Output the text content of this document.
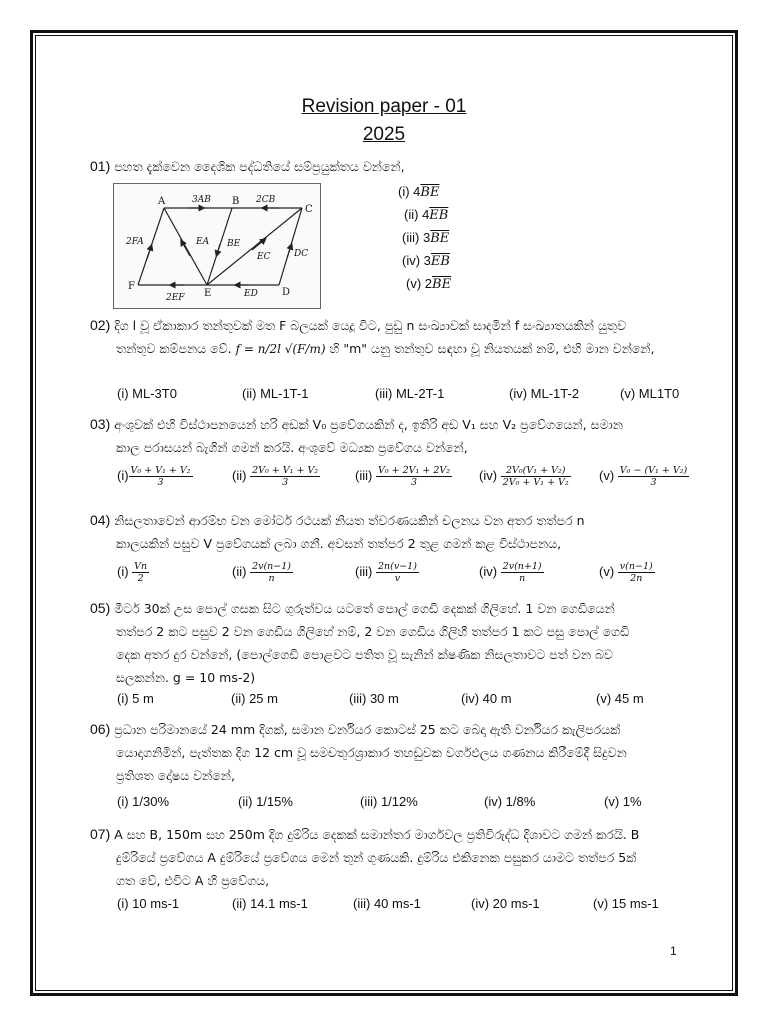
Revision paper - 01
2025
01) පහත දැක්වෙන දෛශික පද්ධතියේ සම්ප්‍රයුක්තය වන්නේ,
A	B
C
D
E
F
3AB	2CB
2FA	EA BE
EC	DC
2EF	ED
(i) $4\overline{BE}$
(ii) $4\overline{EB}$
(iii) $3\overline{BE}$
(iv) $3\overline{EB}$
(v) $2\overline{BE}$
02) දිග l වූ ඒකාකාර තන්තුවක් මත F බලයක් යෙදූ විට, පුඩු n සංඛ්‍යාවක් සාදමින් f සංඛ්‍යාතයකින් යුතුව
තන්තුව කම්පනය වේ. f = n/2l √(F/m) හි "m" යනු තන්තුව සඳහා වූ නියතයක් නම්, එහි මාන වන්නේ,
(i) ML-3T0	(ii) ML-1T-1	(iii) ML-2T-1	(iv) ML-1T-2	(v) ML1T0
03) අංශුවක් එහි විස්ථාපනයෙන් හරි අඩක් V₀ ප්‍රවේගයකින් ද, ඉතිරි අඩ V₁ සහ V₂ ප්‍රවේගයෙන්, සමාන
කාල පරාසයන් බැගින් ගමන් කරයි. අංශුවේ මධ්‍යක ප්‍රවේගය වන්නේ,
$(i) \frac{\text{V₀ + V₁ + V₂}}{3}$	$(ii) \frac{\text{2V₀ + V₁ + V₂}}{3}$	$(iii) \frac{\text{V₀ + 2V₁ + 2V₂}}{3} (iv) \frac{\text{2V₀(V₁ + V₂)}}{\text{2V₀ + V₁ + V₂}} (v) \frac{\text{V₀ − (V₁ + V₂)}}{3}$
04) නිසලතාවෙන් ආරම්භ වන මෝටර් රථයක් නියත ත්වරණයකින් චලනය වන අතර තත්පර n
කාලයකින් පසුව V ප්‍රවේගයක් ලබා ගනී. අවසන් තත්පර 2 තුළ ගමන් කළ විස්ථාපනය,
$(i) \frac{Vn}{2}$	$(ii) \frac{2v(n-1)}{n}$	$(iii) \frac{2n(v-1)}{v}$	$(iv) \frac{2v(n+1)}{n}$	$(v) \frac{v(n-1)}{2n}$
05) මීටර් 30ක් උස පොල් ගසක සිට ගුරුත්වය යටතේ පොල් ගෙඩි දෙකක් ගිලිහේ. 1 වන ගෙඩියෙන්
තත්පර 2 කට පසුව 2 වන ගෙඩිය ගිලිහේ නම්, 2 වන ගෙඩිය ගිලිහී තත්පර 1 කට පසු පොල් ගෙඩි
දෙක අතර දුර වන්නේ, (පොල්ගෙඩි පොළවට පතිත වූ සැනින් ක්ෂණික නිසලතාවට පත් වන බව
සලකන්න. g = 10 ms-2)
(i) 5 m	(ii) 25 m	(iii) 30 m	(iv) 40 m	(v) 45 m
06) ප්‍රධාන පරිමානයේ 24 mm දිගක්, සමාන වර්නියර කොටස් 25 කට බෙදා ඇති වර්නියර කැලිපරයක්
යොදාගනිමින්, පැත්තක දිග 12 cm වූ සමචතුරශ්‍රාකාර තහඩුවක වර්ගඵලය ගණනය කිරීමේදී සිදුවන
ප්‍රතිශත දෝෂය වන්නේ,
(i) 1/30%	(ii) 1/15%	(iii) 1/12%	(iv) 1/8%	(v) 1%
07) A සහ B, 150m සහ 250m දිග දුම්රිය දෙකක් සමාන්තර මාර්ගවල ප්‍රතිවිරුද්ධ දිශාවට ගමන් කරයි. B
දුම්රියේ ප්‍රවේගය A දුම්රියේ ප්‍රවේගය මෙන් තුන් ගුණයකි. දුම්රිය එකිනෙක පසුකර යාමට තත්පර 5ක්
ගත වේ, එවිට A හි ප්‍රවේගය,
(i) 10 ms-1	(ii) 14.1 ms-1	(iii) 40 ms-1	(iv) 20 ms-1	(v) 15 ms-1
1
